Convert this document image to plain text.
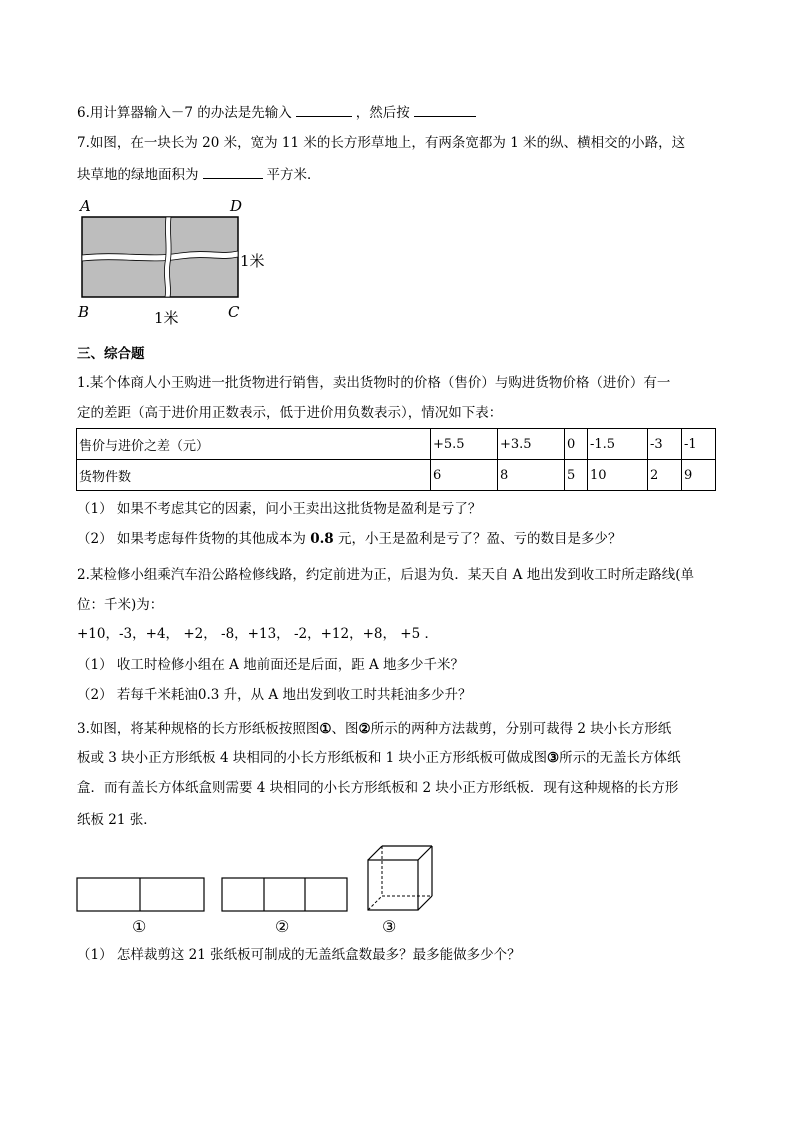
6.用计算器输入－7 的办法是先输入	，然后按
7.如图，在一块长为 20 米，宽为 11 米的长方形草地上，有两条宽都为 1 米的纵、横相交的小路，这
块草地的绿地面积为	平方米．
A	D
B	C
1米
1米
三、综合题
1.某个体商人小王购进一批货物进行销售，卖出货物时的价格（售价）与购进货物价格（进价）有一
定的差距（高于进价用正数表示，低于进价用负数表示），情况如下表：
售价与进价之差（元）	+5.5	+3.5	0	-1.5	-3	-1
货物件数	6	8	5	10	2	9
（1） 如果不考虑其它的因素，问小王卖出这批货物是盈利是亏了？
（2） 如果考虑每件货物的其他成本为 0.8 元，小王是盈利是亏了？盈、亏的数目是多少？
2.某检修小组乘汽车沿公路检修线路，约定前进为正，后退为负．某天自 A 地出发到收工时所走路线(单
位：千米)为：
+10，-3，+4， +2， -8，+13， -2，+12，+8， +5 ．
（1） 收工时检修小组在 A 地前面还是后面，距 A 地多少千米？
（2） 若每千米耗油0.3 升，从 A 地出发到收工时共耗油多少升？
3.如图，将某种规格的长方形纸板按照图①、图②所示的两种方法裁剪，分别可裁得 2 块小长方形纸
板或 3 块小正方形纸板 4 块相同的小长方形纸板和 1 块小正方形纸板可做成图③所示的无盖长方体纸
盒．而有盖长方体纸盒则需要 4 块相同的小长方形纸板和 2 块小正方形纸板．现有这种规格的长方形
纸板 21 张．
①	②	③
（1） 怎样裁剪这 21 张纸板可制成的无盖纸盒数最多？最多能做多少个？
